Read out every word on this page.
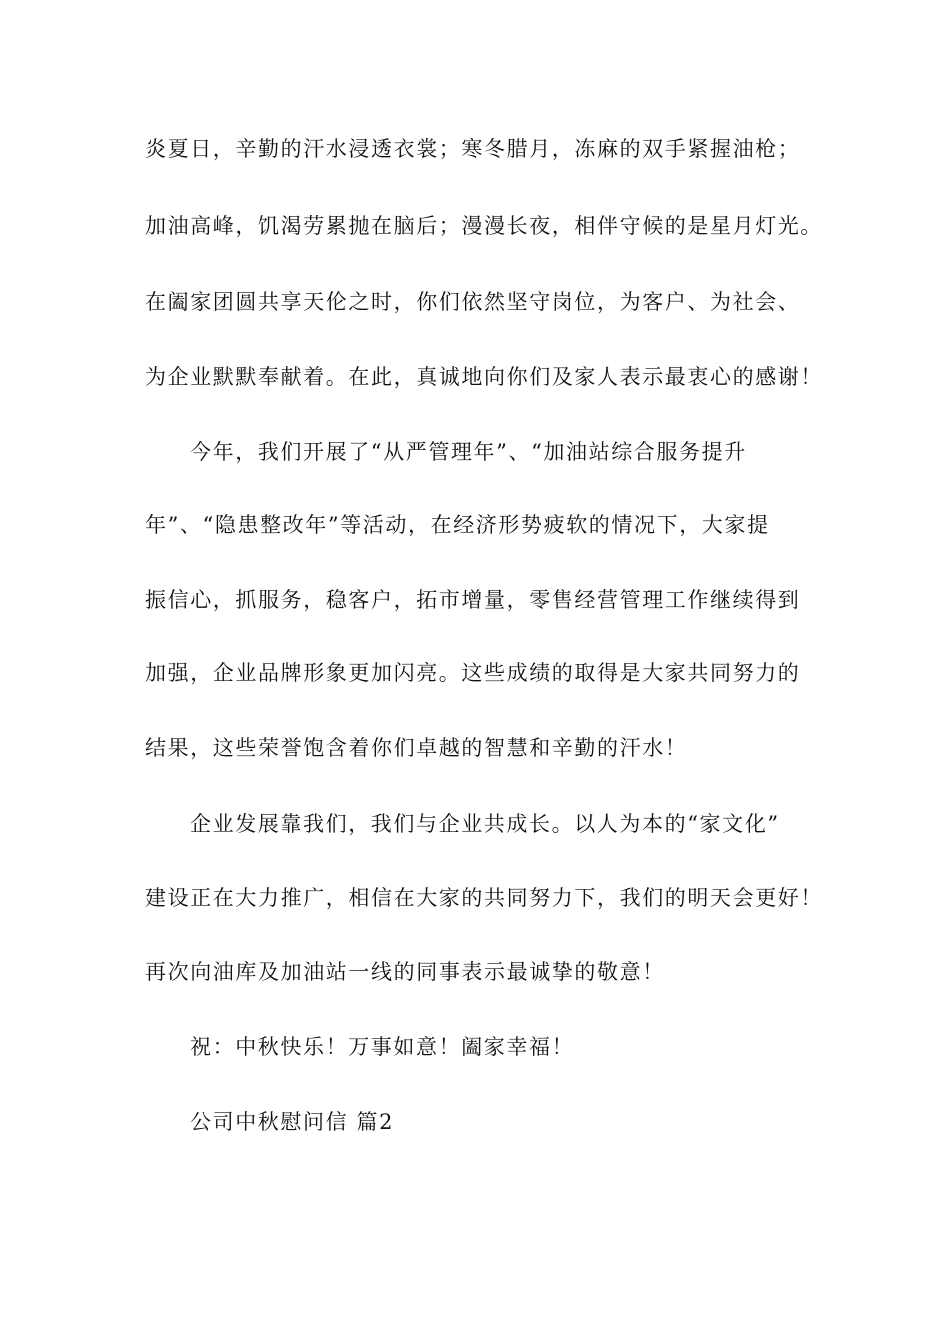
炎夏日，辛勤的汗水浸透衣裳；寒冬腊月，冻麻的双手紧握油枪；
加油高峰，饥渴劳累抛在脑后；漫漫长夜，相伴守候的是星月灯光。
在阖家团圆共享天伦之时，你们依然坚守岗位，为客户、为社会、
为企业默默奉献着。在此，真诚地向你们及家人表示最衷心的感谢！
今年，我们开展了“从严管理年”、“加油站综合服务提升
年”、“隐患整改年”等活动，在经济形势疲软的情况下，大家提
振信心，抓服务，稳客户，拓市增量，零售经营管理工作继续得到
加强，企业品牌形象更加闪亮。这些成绩的取得是大家共同努力的
结果，这些荣誉饱含着你们卓越的智慧和辛勤的汗水！
企业发展靠我们，我们与企业共成长。以人为本的“家文化”
建设正在大力推广，相信在大家的共同努力下，我们的明天会更好！
再次向油库及加油站一线的同事表示最诚挚的敬意！
祝：中秋快乐！万事如意！阖家幸福！
公司中秋慰问信 篇2
